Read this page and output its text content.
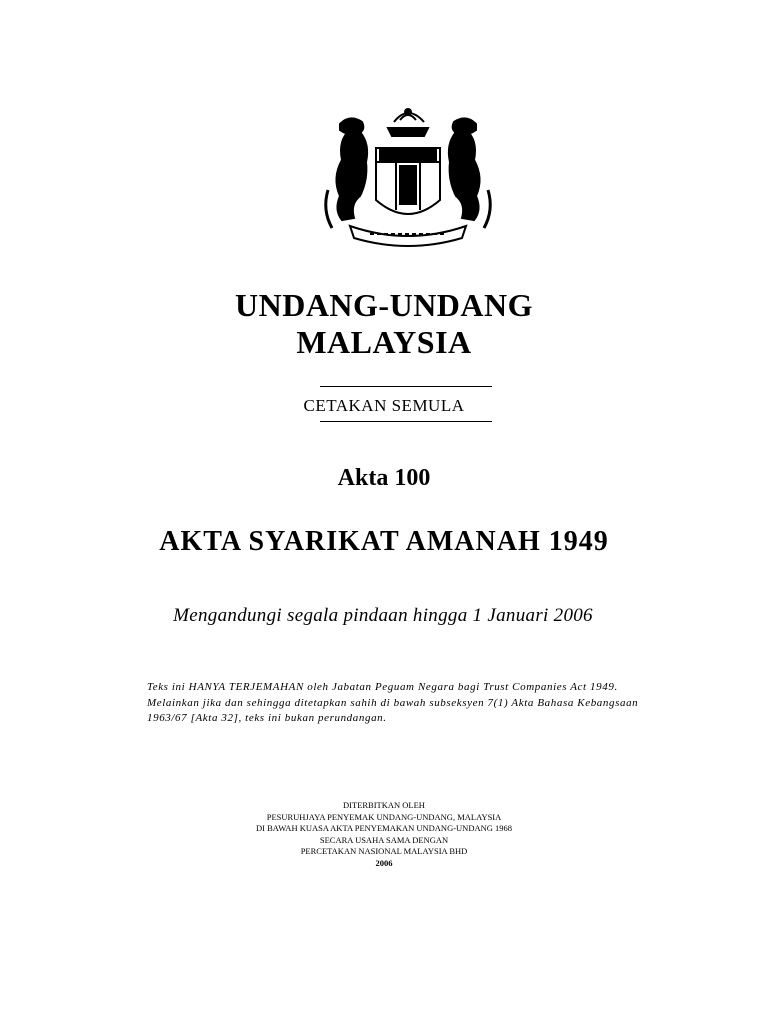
UNDANG-UNDANG
MALAYSIA
CETAKAN SEMULA
Akta 100
AKTA SYARIKAT AMANAH 1949
Mengandungi segala pindaan hingga 1 Januari 2006
Teks ini HANYA TERJEMAHAN oleh Jabatan Peguam Negara bagi Trust Companies Act 1949.
Melainkan jika dan sehingga ditetapkan sahih di bawah subseksyen 7(1) Akta Bahasa Kebangsaan
1963/67 [Akta 32], teks ini bukan perundangan.
DITERBITKAN OLEH
PESURUHJAYA PENYEMAK UNDANG-UNDANG, MALAYSIA
DI BAWAH KUASA AKTA PENYEMAKAN UNDANG-UNDANG 1968
SECARA USAHA SAMA DENGAN
PERCETAKAN NASIONAL MALAYSIA BHD
2006
